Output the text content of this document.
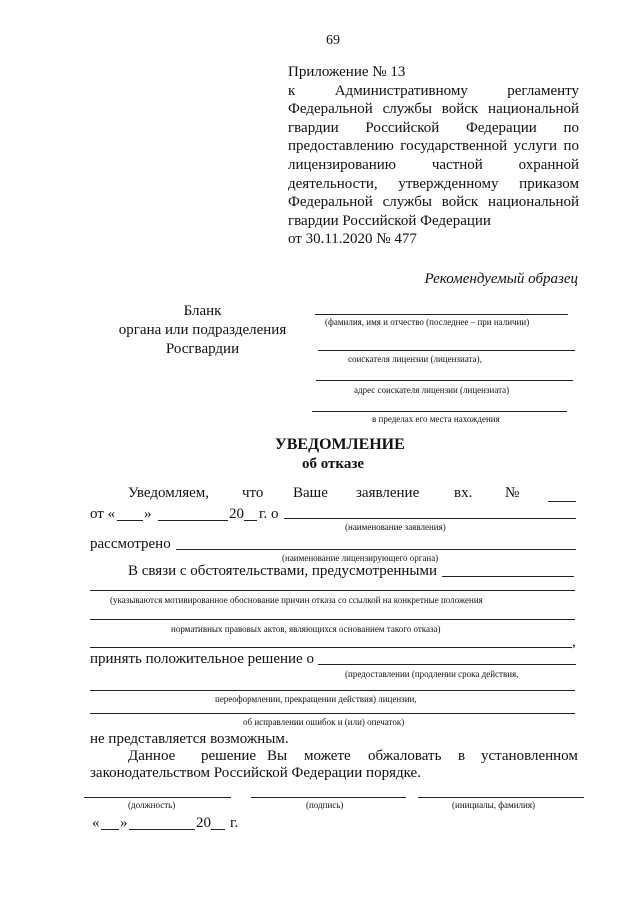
69
Приложение № 13
к Административному регламенту
Федеральной службы войск национальной
гвардии Российской Федерации по
предоставлению государственной услуги по
лицензированию частной охранной
деятельности, утвержденному приказом
Федеральной службы войск национальной
гвардии Российской Федерации
от 30.11.2020 № 477
Рекомендуемый образец
Бланк
органа или подразделения
Росгвардии
(фамилия, имя и отчество (последнее – при наличии)
соискателя лицензии (лицензиата),
адрес соискателя лицензии (лицензиата)
в пределах его места нахождения
УВЕДОМЛЕНИЕ
об отказе
Уведомляем, что Ваше заявление вх. №
от « »	20 г. о
(наименование заявления)
рассмотрено
(наименование лицензирующего органа)
В связи с обстоятельствами, предусмотренными
(указываются мотивированное обоснование причин отказа со ссылкой на конкретные положения
нормативных правовых актов, являющихся основанием такого отказа)
,
принять положительное решение о
(предоставлении (продлении срока действия,
переоформлении, прекращении действия) лицензии,
об исправлении ошибок и (или) опечаток)
не представляется возможным.
Данное решение Вы можете обжаловать в установленном
законодательством Российской Федерации порядке.
(должность)	(подпись)	(инициалы, фамилия)
« »	20 г.
